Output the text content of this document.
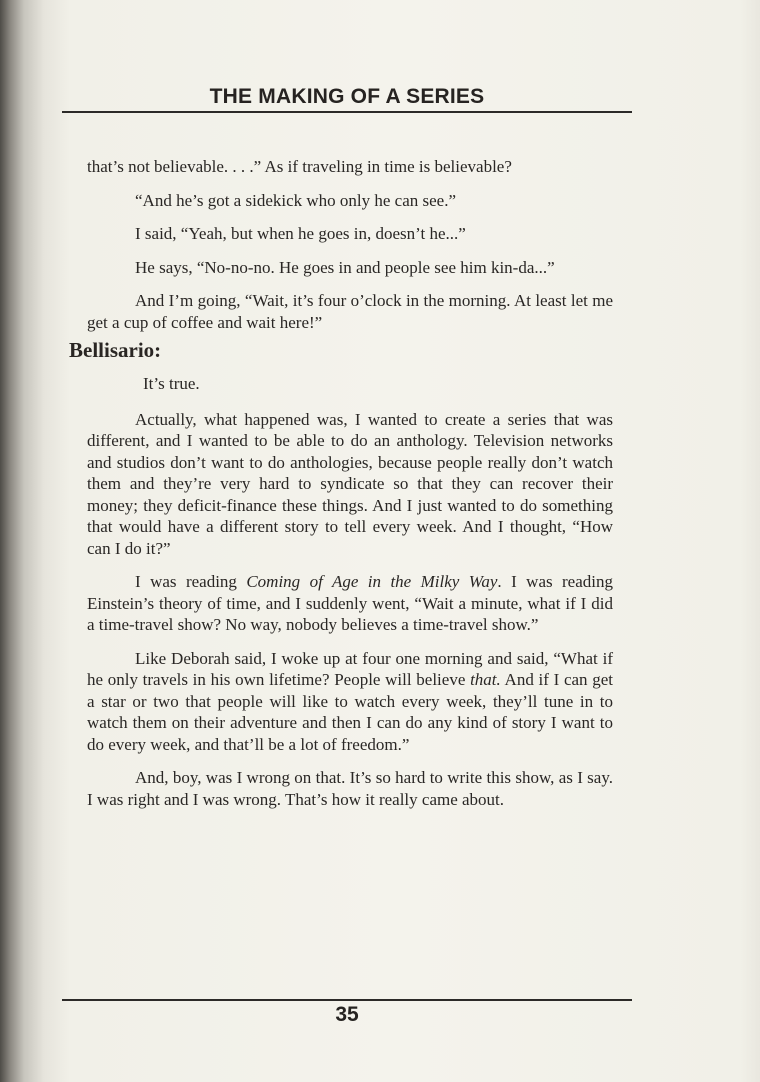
THE MAKING OF A SERIES

that’s not believable. . . .” As if traveling in time is believable?

“And he’s got a sidekick who only he can see.”

I said, “Yeah, but when he goes in, doesn’t he...”

He says, “No-no-no. He goes in and people see him kin-da...”

And I’m going, “Wait, it’s four o’clock in the morning. At least let me get a cup of coffee and wait here!”

Bellisario:

It’s true.

Actually, what happened was, I wanted to create a series that was different, and I wanted to be able to do an anthology. Television networks and studios don’t want to do anthologies, because people really don’t watch them and they’re very hard to syndicate so that they can recover their money; they deficit-finance these things. And I just wanted to do something that would have a different story to tell every week. And I thought, “How can I do it?”

I was reading Coming of Age in the Milky Way. I was reading Einstein’s theory of time, and I suddenly went, “Wait a minute, what if I did a time-travel show? No way, nobody believes a time-travel show.”

Like Deborah said, I woke up at four one morning and said, “What if he only travels in his own lifetime? People will believe that. And if I can get a star or two that people will like to watch every week, they’ll tune in to watch them on their adventure and then I can do any kind of story I want to do every week, and that’ll be a lot of freedom.”

And, boy, was I wrong on that. It’s so hard to write this show, as I say. I was right and I was wrong. That’s how it really came about.

35
